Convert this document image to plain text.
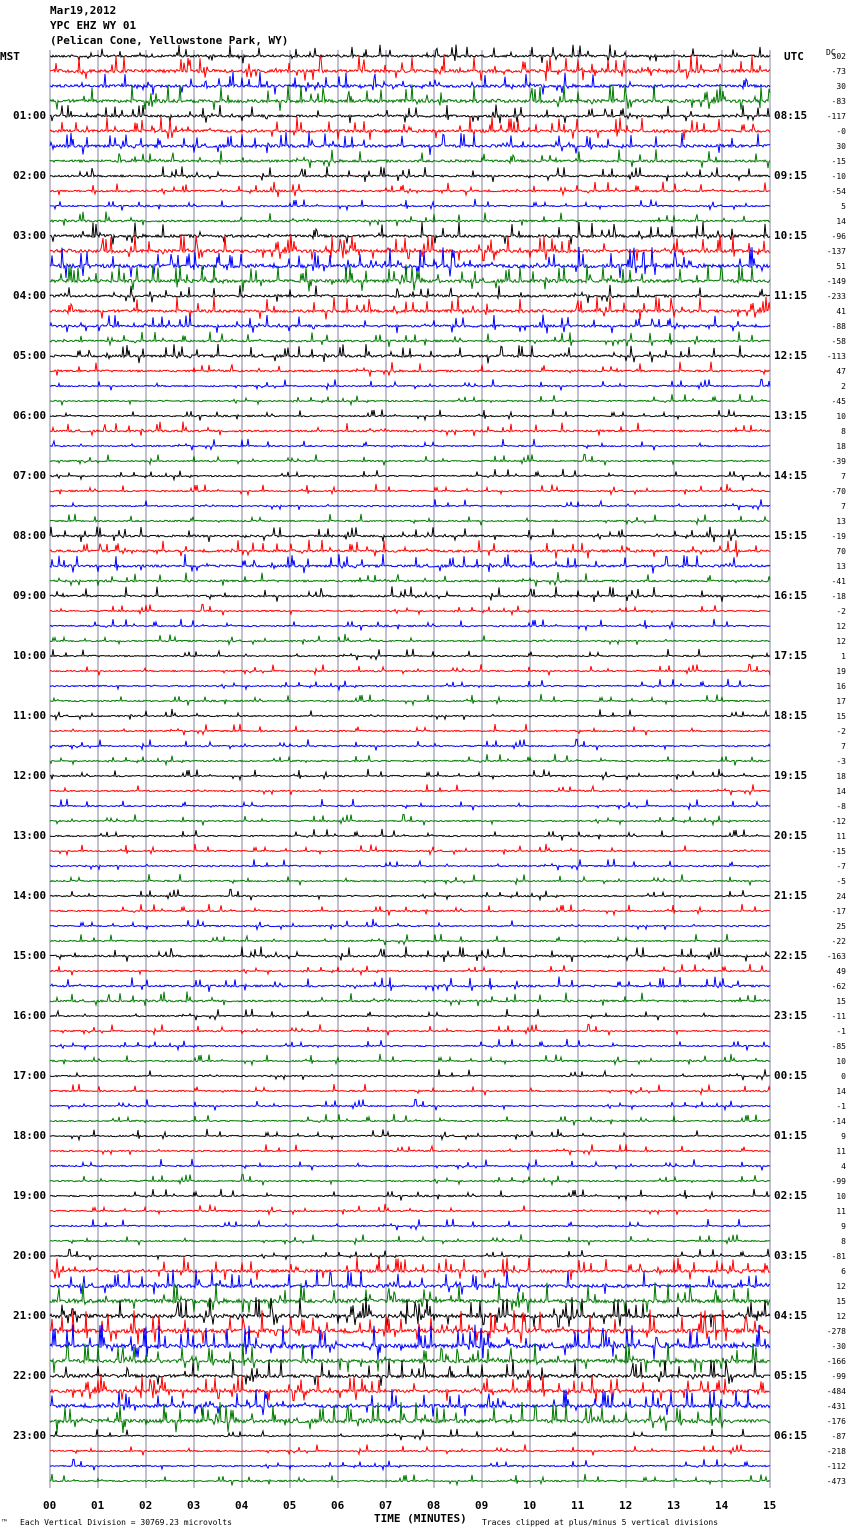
Mar19,2012
YPC EHZ WY 01
(Pelican Cone, Yellowstone Park, WY)
MST	UTC	DC
01:00	08:15
02:00	09:15
03:00	10:15
04:00	11:15
05:00	12:15
06:00	13:15
07:00	14:15
08:00	15:15
09:00	16:15
10:00	17:15
11:00	18:15
12:00	19:15
13:00	20:15
14:00	21:15
15:00	22:15
16:00	23:15
17:00	00:15
18:00	01:15
19:00	02:15
20:00	03:15
21:00	04:15
22:00	05:15
23:00	06:15
302
-73
30
-83
-117
-0
30
-15
-10
-54
5
14
-96
-137
51
-149
-233
41
-88
-58
-113
47
2
-45
10
8
18
-39
7
-70
7
13
-19
70
13
-41
-18
-2
12
12
1
19
16
17
15
-2
7
-3
18
14
-8
-12
11
-15
-7
-5
24
-17
25
-22
-163
49
-62
15
-11
-1
-85
10
0
14
-1
-14
9
11
4
-99
10
11
9
8
-81
6
12
15
12
-278
-30
-166
-99
-484
-431
-176
-87
-218
-112
-473
00	01	02	03	04	05	06	07	08	09	10	11	12	13	14	15
™ Each Vertical Division = 30769.23 microvolts	TIME (MINUTES) Traces clipped at plus/minus 5 vertical divisions
